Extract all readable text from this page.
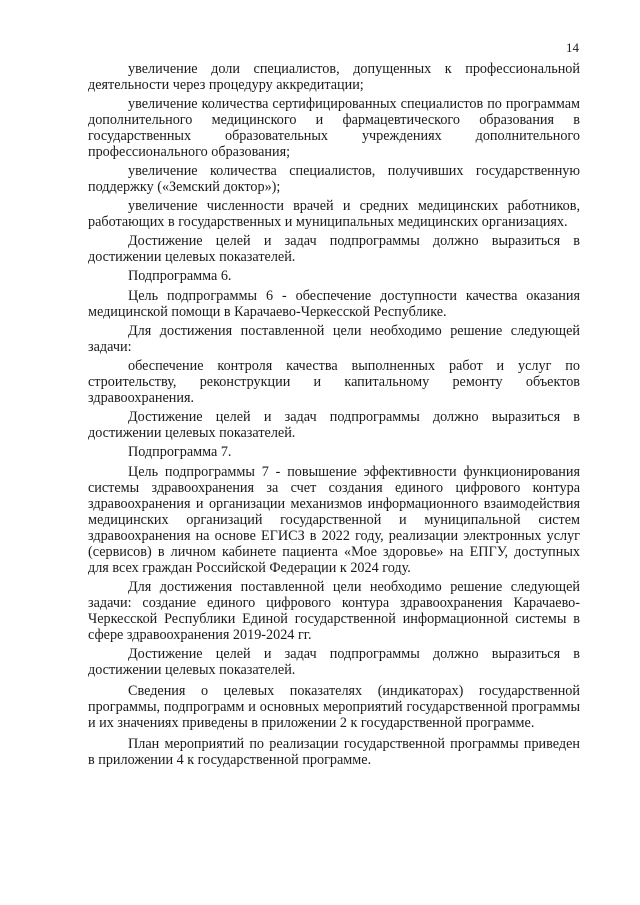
14

увеличение доли специалистов, допущенных к профессиональной деятельности через процедуру аккредитации;

увеличение количества сертифицированных специалистов по программам дополнительного медицинского и фармацевтического образования в государственных образовательных учреждениях дополнительного профессионального образования;

увеличение количества специалистов, получивших государственную поддержку («Земский доктор»);

увеличение численности врачей и средних медицинских работников, работающих в государственных и муниципальных медицинских организациях.

Достижение целей и задач подпрограммы должно выразиться в достижении целевых показателей.

Подпрограмма 6.

Цель подпрограммы 6 - обеспечение доступности качества оказания медицинской помощи в Карачаево-Черкесской Республике.

Для достижения поставленной цели необходимо решение следующей задачи:

обеспечение контроля качества выполненных работ и услуг по строительству, реконструкции и капитальному ремонту объектов здравоохранения.

Достижение целей и задач подпрограммы должно выразиться в достижении целевых показателей.

Подпрограмма 7.

Цель подпрограммы 7 - повышение эффективности функционирования системы здравоохранения за счет создания единого цифрового контура здравоохранения и организации механизмов информационного взаимодействия медицинских организаций государственной и муниципальной систем здравоохранения на основе ЕГИСЗ в 2022 году, реализации электронных услуг (сервисов) в личном кабинете пациента «Мое здоровье» на ЕПГУ, доступных для всех граждан Российской Федерации к 2024 году.

Для достижения поставленной цели необходимо решение следующей задачи: создание единого цифрового контура здравоохранения Карачаево-Черкесской Республики Единой государственной информационной системы в сфере здравоохранения 2019-2024 гг.

Достижение целей и задач подпрограммы должно выразиться в достижении целевых показателей.

Сведения о целевых показателях (индикаторах) государственной программы, подпрограмм и основных мероприятий государственной программы и их значениях приведены в приложении 2 к государственной программе.

План мероприятий по реализации государственной программы приведен в приложении 4 к государственной программе.
